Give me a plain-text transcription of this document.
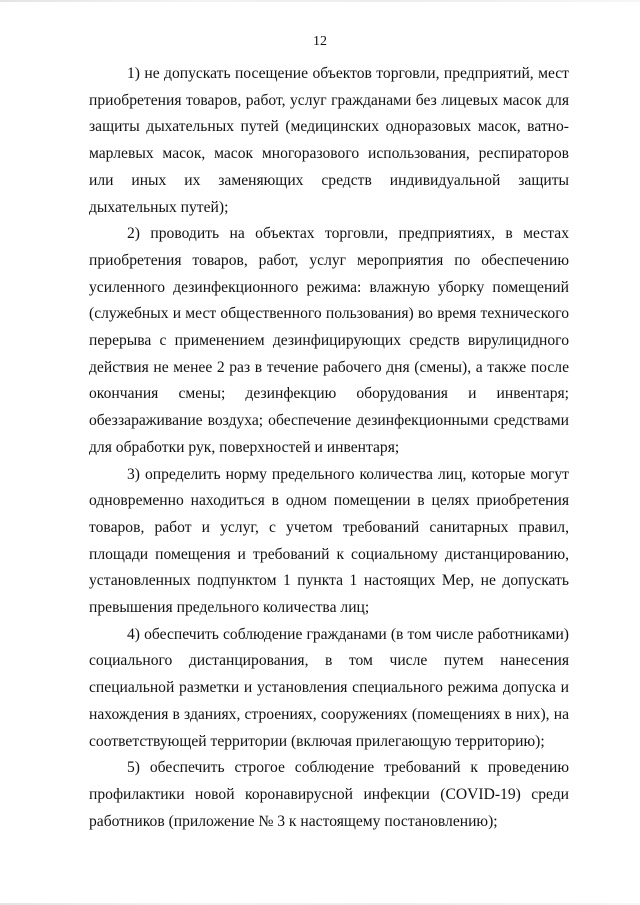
12

1) не допускать посещение объектов торговли, предприятий, мест приобретения товаров, работ, услуг гражданами без лицевых масок для защиты дыхательных путей (медицинских одноразовых масок, ватно-марлевых масок, масок многоразового использования, респираторов или иных их заменяющих средств индивидуальной защиты дыхательных путей);

2) проводить на объектах торговли, предприятиях, в местах приобретения товаров, работ, услуг мероприятия по обеспечению усиленного дезинфекционного режима: влажную уборку помещений (служебных и мест общественного пользования) во время технического перерыва с применением дезинфицирующих средств вирулицидного действия не менее 2 раз в течение рабочего дня (смены), а также после окончания смены; дезинфекцию оборудования и инвентаря; обеззараживание воздуха; обеспечение дезинфекционными средствами для обработки рук, поверхностей и инвентаря;

3) определить норму предельного количества лиц, которые могут одновременно находиться в одном помещении в целях приобретения товаров, работ и услуг, с учетом требований санитарных правил, площади помещения и требований к социальному дистанцированию, установленных подпунктом 1 пункта 1 настоящих Мер, не допускать превышения предельного количества лиц;

4) обеспечить соблюдение гражданами (в том числе работниками) социального дистанцирования, в том числе путем нанесения специальной разметки и установления специального режима допуска и нахождения в зданиях, строениях, сооружениях (помещениях в них), на соответствующей территории (включая прилегающую территорию);

5) обеспечить строгое соблюдение требований к проведению профилактики новой коронавирусной инфекции (COVID-19) среди работников (приложение № 3 к настоящему постановлению);
